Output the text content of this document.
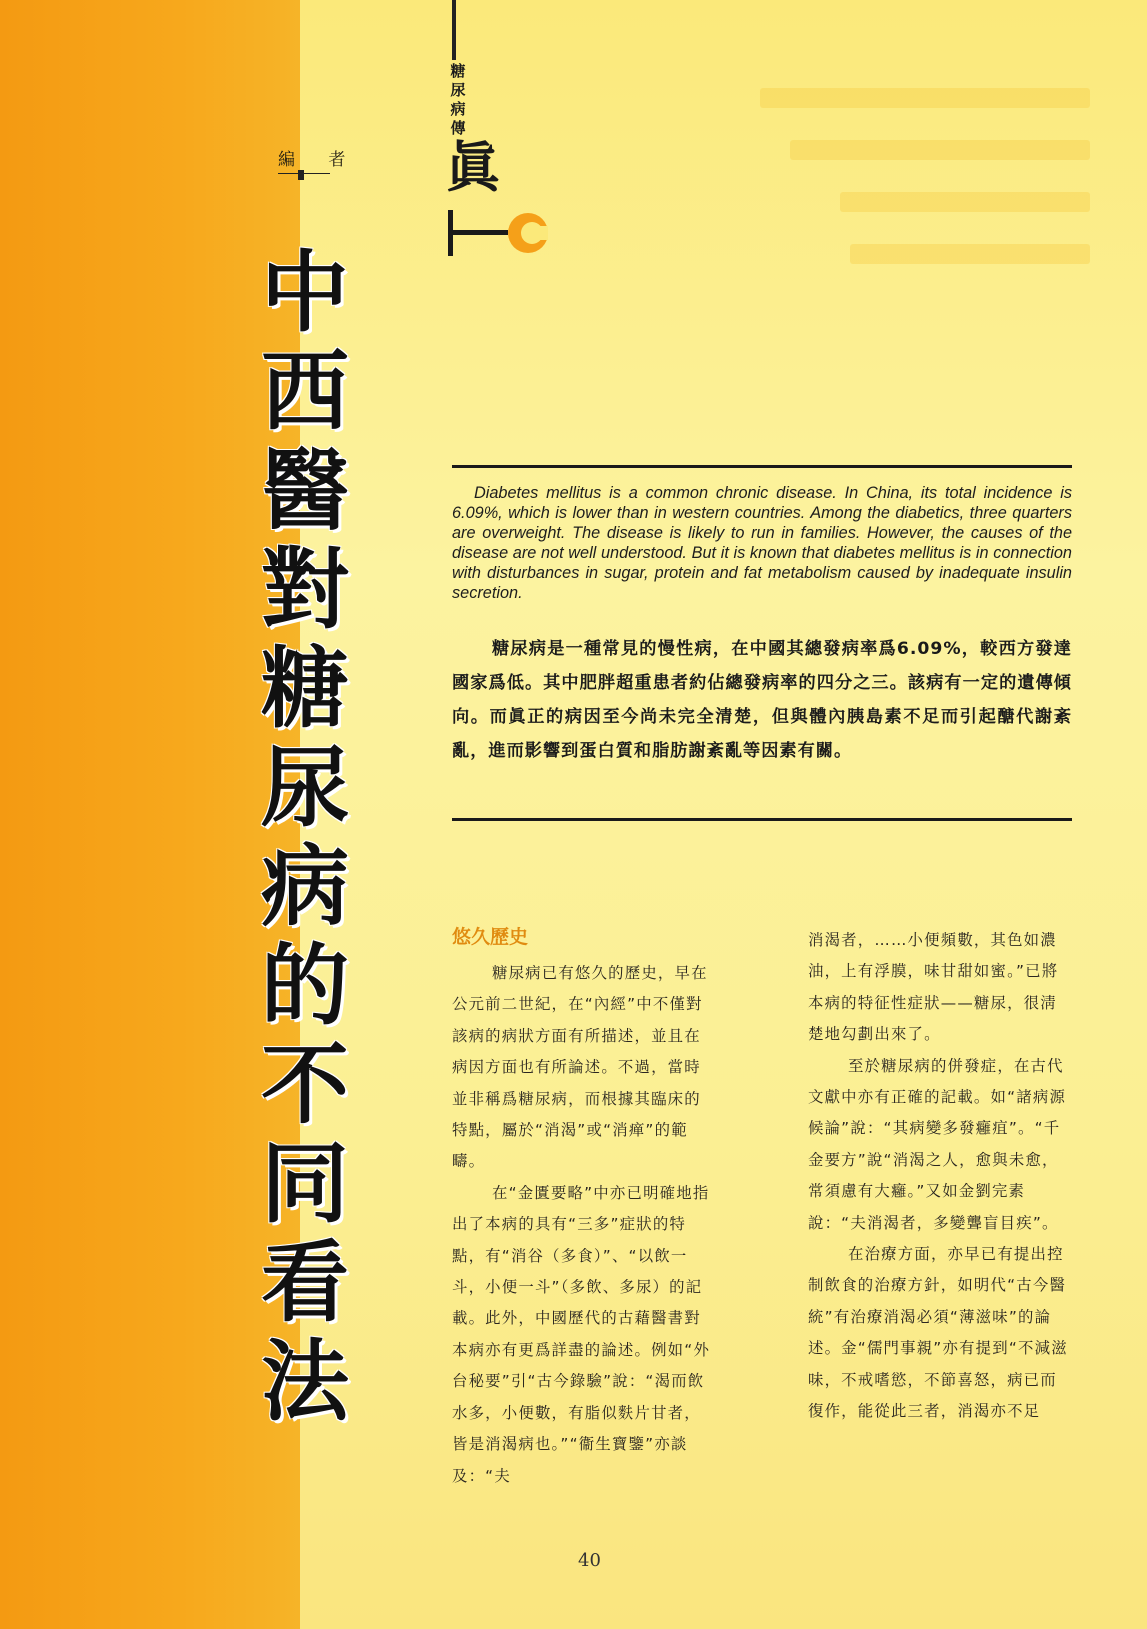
編 者
糖尿病傳
眞
中
西
醫
對
糖
尿
病
的
不
同
看
法
Diabetes mellitus is a common chronic disease. In China, its total incidence is 6.09%, which is lower than in western countries. Among the diabetics, three quarters are overweight. The disease is likely to run in families. However, the causes of the disease are not well understood. But it is known that diabetes mellitus is in connection with disturbances in sugar, protein and fat metabolism caused by inadequate insulin secretion.
糖尿病是一種常見的慢性病，在中國其總發病率爲6.09%，較西方發達國家爲低。其中肥胖超重患者約佔總發病率的四分之三。該病有一定的遺傳傾向。而眞正的病因至今尚未完全清楚，但與體內胰島素不足而引起醣代謝紊亂，進而影響到蛋白質和脂肪謝紊亂等因素有關。
悠久歷史

糖尿病已有悠久的歷史，早在公元前二世紀，在“內經”中不僅對該病的病狀方面有所描述，並且在病因方面也有所論述。不過，當時並非稱爲糖尿病，而根據其臨床的特點，屬於“消渴”或“消瘅”的範疇。

在“金匱要略”中亦已明確地指出了本病的具有“三多”症狀的特點，有“消谷（多食）”、“以飲一斗，小便一斗”（多飲、多尿）的記載。此外，中國歷代的古藉醫書對本病亦有更爲詳盡的論述。例如“外台秘要”引“古今錄驗”說：“渴而飲水多，小便數，有脂似麩片甘者，皆是消渴病也。”“衞生寶鑒”亦談及：“夫

消渴者，……小便頻數，其色如濃油，上有浮膜，味甘甜如蜜。”已將本病的特征性症狀——糖尿，很淸楚地勾劃出來了。

至於糖尿病的併發症，在古代文獻中亦有正確的記載。如“諸病源候論”說：“其病變多發癰疽”。“千金要方”說“消渴之人，愈與未愈，常須慮有大癰。”又如金劉完素說：“夫消渴者，多變聾盲目疾”。

在治療方面，亦早已有提出控制飲食的治療方針，如明代“古今醫統”有治療消渴必須“薄滋味”的論述。金“儒門事親”亦有提到“不減滋味，不戒嗜慾，不節喜怒，病已而復作，能從此三者，消渴亦不足

40
